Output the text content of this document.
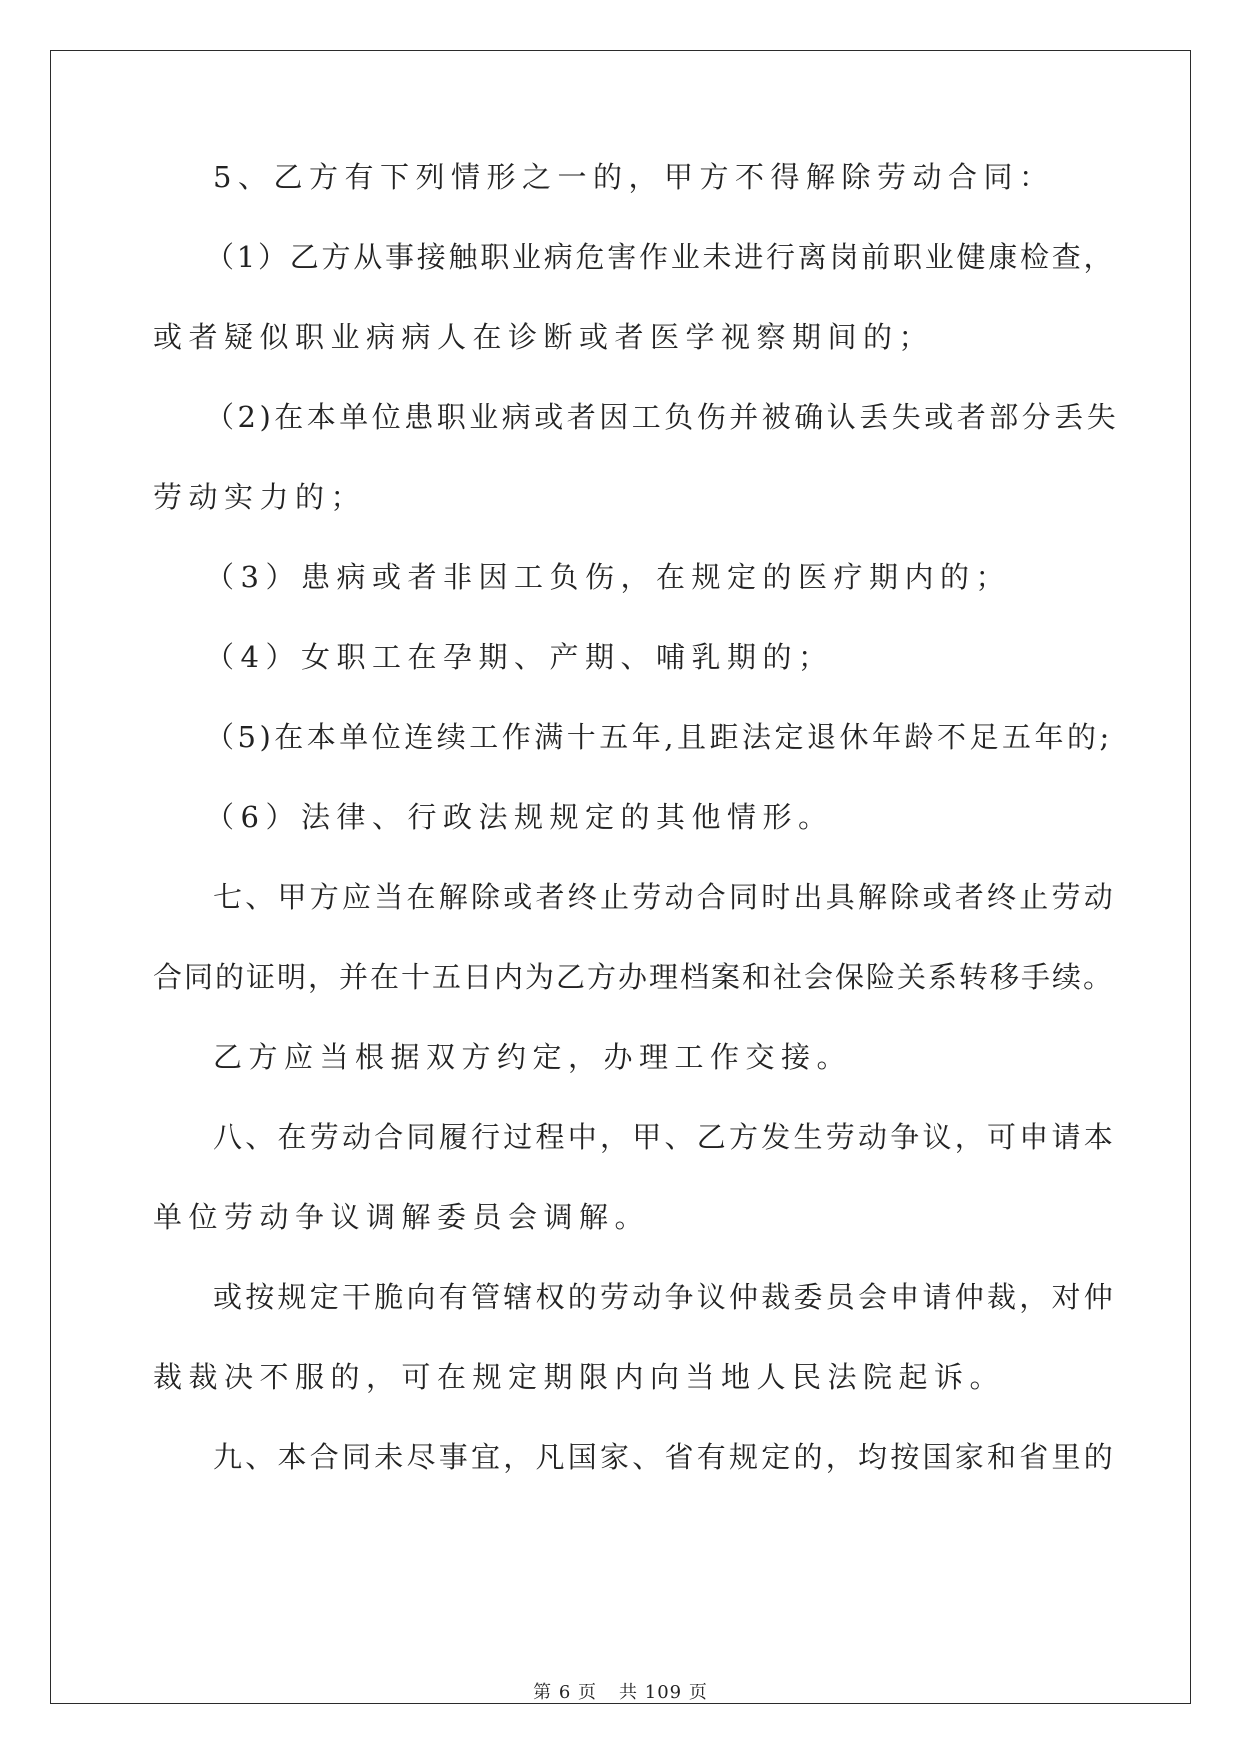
5、乙方有下列情形之一的，甲方不得解除劳动合同：

（1）乙方从事接触职业病危害作业未进行离岗前职业健康检查，

或者疑似职业病病人在诊断或者医学视察期间的；

（2)在本单位患职业病或者因工负伤并被确认丢失或者部分丢失

劳动实力的；

（3）患病或者非因工负伤，在规定的医疗期内的；

（4）女职工在孕期、产期、哺乳期的；

（5)在本单位连续工作满十五年,且距法定退休年龄不足五年的;

（6）法律、行政法规规定的其他情形。

七、甲方应当在解除或者终止劳动合同时出具解除或者终止劳动

合同的证明，并在十五日内为乙方办理档案和社会保险关系转移手续。

乙方应当根据双方约定，办理工作交接。

八、在劳动合同履行过程中，甲、乙方发生劳动争议，可申请本

单位劳动争议调解委员会调解。

或按规定干脆向有管辖权的劳动争议仲裁委员会申请仲裁，对仲

裁裁决不服的，可在规定期限内向当地人民法院起诉。

九、本合同未尽事宜，凡国家、省有规定的，均按国家和省里的

第 6 页 共 109 页
